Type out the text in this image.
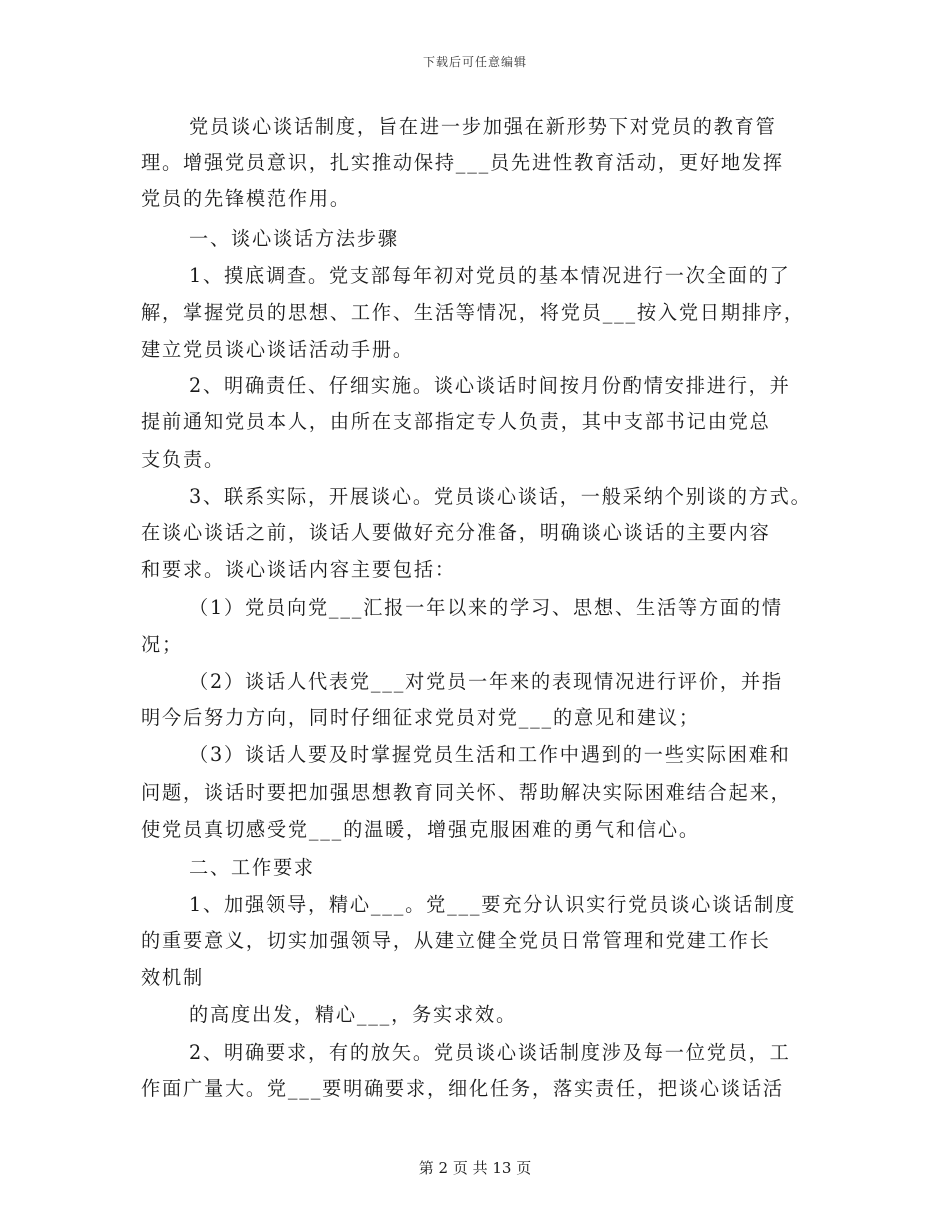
下载后可任意编辑
党员谈心谈话制度，旨在进一步加强在新形势下对党员的教育管
理。增强党员意识，扎实推动保持___员先进性教育活动，更好地发挥
党员的先锋模范作用。
一、谈心谈话方法步骤
1、摸底调查。党支部每年初对党员的基本情况进行一次全面的了
解，掌握党员的思想、工作、生活等情况，将党员___按入党日期排序，
建立党员谈心谈话活动手册。
2、明确责任、仔细实施。谈心谈话时间按月份酌情安排进行，并
提前通知党员本人，由所在支部指定专人负责，其中支部书记由党总
支负责。
3、联系实际，开展谈心。党员谈心谈话，一般采纳个别谈的方式。
在谈心谈话之前，谈话人要做好充分准备，明确谈心谈话的主要内容
和要求。谈心谈话内容主要包括：
（1）党员向党___汇报一年以来的学习、思想、生活等方面的情
况；
（2）谈话人代表党___对党员一年来的表现情况进行评价，并指
明今后努力方向，同时仔细征求党员对党___的意见和建议；
（3）谈话人要及时掌握党员生活和工作中遇到的一些实际困难和
问题，谈话时要把加强思想教育同关怀、帮助解决实际困难结合起来，
使党员真切感受党___的温暖，增强克服困难的勇气和信心。
二、工作要求
1、加强领导，精心___。党___要充分认识实行党员谈心谈话制度
的重要意义，切实加强领导，从建立健全党员日常管理和党建工作长
效机制
的高度出发，精心___，务实求效。
2、明确要求，有的放矢。党员谈心谈话制度涉及每一位党员，工
作面广量大。党___要明确要求，细化任务，落实责任，把谈心谈话活
第 2 页 共 13 页
